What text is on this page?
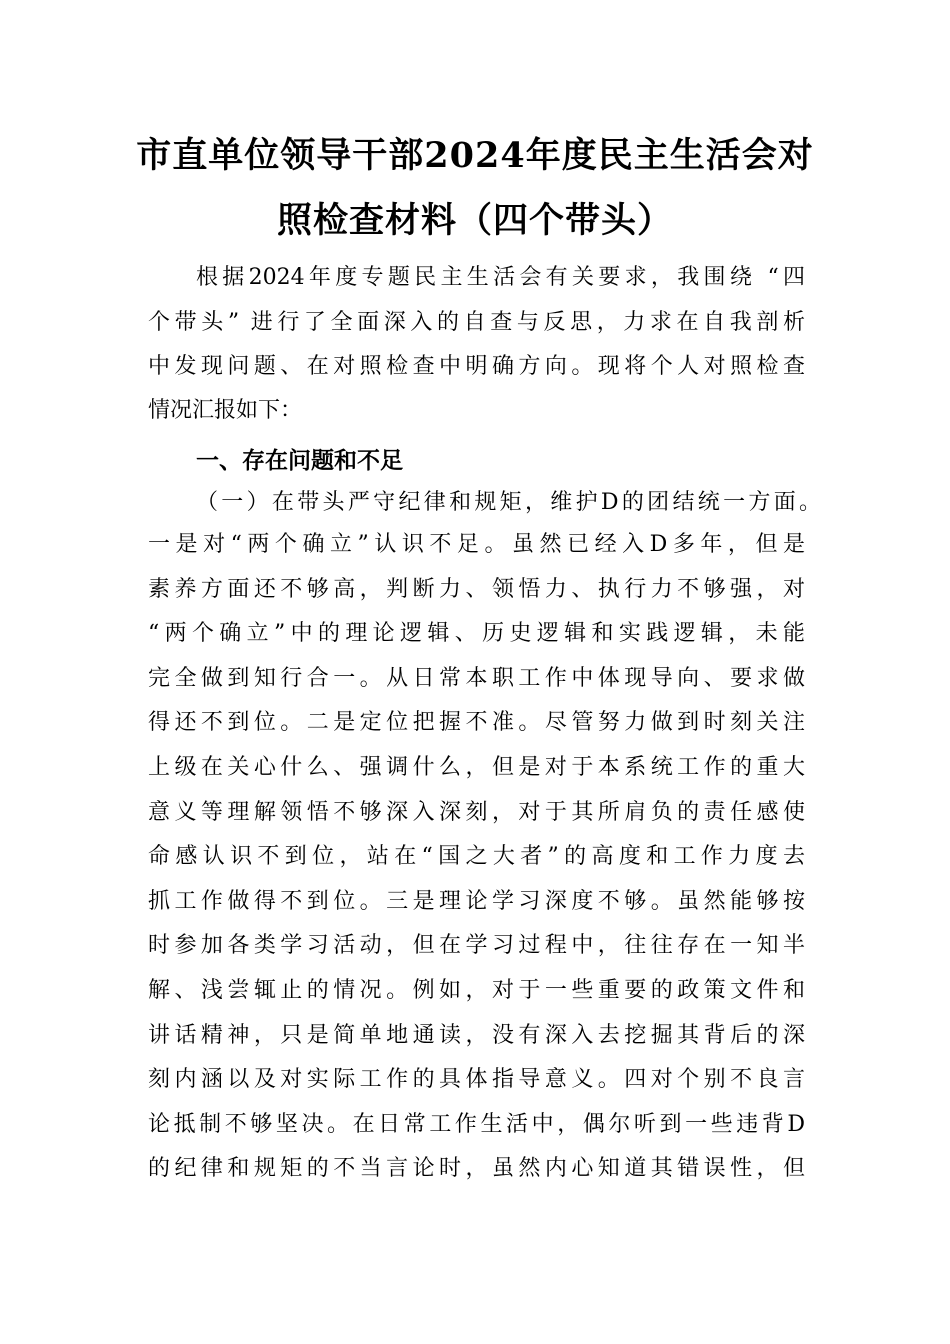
市直单位领导干部2024年度民主生活会对
照检查材料（四个带头）
根据2024年度专题民主生活会有关要求，我围绕 “四
个带头” 进行了全面深入的自查与反思，力求在自我剖析
中发现问题、在对照检查中明确方向。现将个人对照检查
情况汇报如下：
一、存在问题和不足
（一）在带头严守纪律和规矩，维护D的团结统一方面。
一是对“两个确立”认识不足。虽然已经入D多年，但是
素养方面还不够高，判断力、领悟力、执行力不够强，对
“两个确立”中的理论逻辑、历史逻辑和实践逻辑，未能
完全做到知行合一。从日常本职工作中体现导向、要求做
得还不到位。二是定位把握不准。尽管努力做到时刻关注
上级在关心什么、强调什么，但是对于本系统工作的重大
意义等理解领悟不够深入深刻，对于其所肩负的责任感使
命感认识不到位，站在“国之大者”的高度和工作力度去
抓工作做得不到位。三是理论学习深度不够。虽然能够按
时参加各类学习活动，但在学习过程中，往往存在一知半
解、浅尝辄止的情况。例如，对于一些重要的政策文件和
讲话精神，只是简单地通读，没有深入去挖掘其背后的深
刻内涵以及对实际工作的具体指导意义。四对个别不良言
论抵制不够坚决。在日常工作生活中，偶尔听到一些违背D
的纪律和规矩的不当言论时，虽然内心知道其错误性，但
